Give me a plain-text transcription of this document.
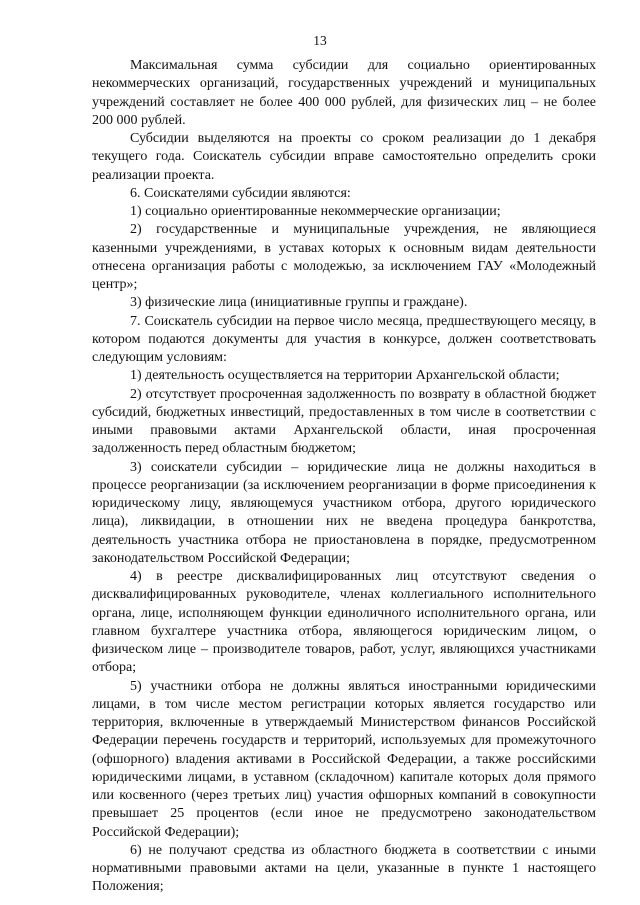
13

Максимальная сумма субсидии для социально ориентированных некоммерческих организаций, государственных учреждений и муниципальных учреждений составляет не более 400 000 рублей, для физических лиц – не более 200 000 рублей.

Субсидии выделяются на проекты со сроком реализации до 1 декабря текущего года. Соискатель субсидии вправе самостоятельно определить сроки реализации проекта.

6. Соискателями субсидии являются:

1) социально ориентированные некоммерческие организации;

2) государственные и муниципальные учреждения, не являющиеся казенными учреждениями, в уставах которых к основным видам деятельности отнесена организация работы с молодежью, за исключением ГАУ «Молодежный центр»;

3) физические лица (инициативные группы и граждане).

7. Соискатель субсидии на первое число месяца, предшествующего месяцу, в котором подаются документы для участия в конкурсе, должен соответствовать следующим условиям:

1) деятельность осуществляется на территории Архангельской области;

2) отсутствует просроченная задолженность по возврату в областной бюджет субсидий, бюджетных инвестиций, предоставленных в том числе в соответствии с иными правовыми актами Архангельской области, иная просроченная задолженность перед областным бюджетом;

3) соискатели субсидии – юридические лица не должны находиться в процессе реорганизации (за исключением реорганизации в форме присоединения к юридическому лицу, являющемуся участником отбора, другого юридического лица), ликвидации, в отношении них не введена процедура банкротства, деятельность участника отбора не приостановлена в порядке, предусмотренном законодательством Российской Федерации;

4) в реестре дисквалифицированных лиц отсутствуют сведения о дисквалифицированных руководителе, членах коллегиального исполнительного органа, лице, исполняющем функции единоличного исполнительного органа, или главном бухгалтере участника отбора, являющегося юридическим лицом, о физическом лице – производителе товаров, работ, услуг, являющихся участниками отбора;

5) участники отбора не должны являться иностранными юридическими лицами, в том числе местом регистрации которых является государство или территория, включенные в утверждаемый Министерством финансов Российской Федерации перечень государств и территорий, используемых для промежуточного (офшорного) владения активами в Российской Федерации, а также российскими юридическими лицами, в уставном (складочном) капитале которых доля прямого или косвенного (через третьих лиц) участия офшорных компаний в совокупности превышает 25 процентов (если иное не предусмотрено законодательством Российской Федерации);

6) не получают средства из областного бюджета в соответствии с иными нормативными правовыми актами на цели, указанные в пункте 1 настоящего Положения;
